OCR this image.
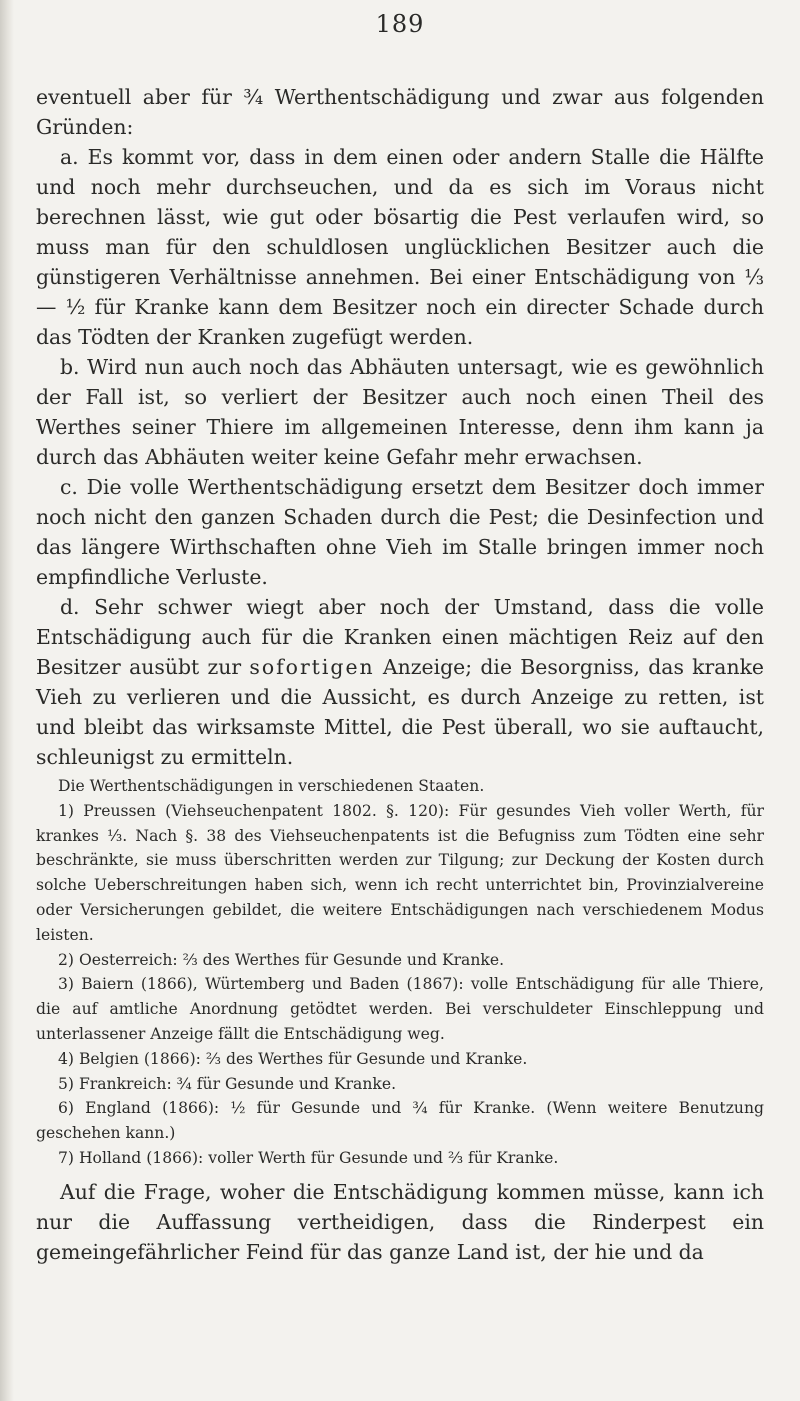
189

eventuell aber für ¾ Werthentschädigung und zwar aus folgenden Gründen:

a. Es kommt vor, dass in dem einen oder andern Stalle die Hälfte und noch mehr durchseuchen, und da es sich im Voraus nicht berechnen lässt, wie gut oder bösartig die Pest verlaufen wird, so muss man für den schuldlosen unglücklichen Besitzer auch die günstigeren Verhältnisse annehmen. Bei einer Entschädigung von ⅓ — ½ für Kranke kann dem Besitzer noch ein directer Schade durch das Tödten der Kranken zugefügt werden.

b. Wird nun auch noch das Abhäuten untersagt, wie es gewöhnlich der Fall ist, so verliert der Besitzer auch noch einen Theil des Werthes seiner Thiere im allgemeinen Interesse, denn ihm kann ja durch das Abhäuten weiter keine Gefahr mehr erwachsen.

c. Die volle Werthentschädigung ersetzt dem Besitzer doch immer noch nicht den ganzen Schaden durch die Pest; die Desinfection und das längere Wirthschaften ohne Vieh im Stalle bringen immer noch empfindliche Verluste.

d. Sehr schwer wiegt aber noch der Umstand, dass die volle Entschädigung auch für die Kranken einen mächtigen Reiz auf den Besitzer ausübt zur sofortigen Anzeige; die Besorgniss, das kranke Vieh zu verlieren und die Aussicht, es durch Anzeige zu retten, ist und bleibt das wirksamste Mittel, die Pest überall, wo sie auftaucht, schleunigst zu ermitteln.

Die Werthentschädigungen in verschiedenen Staaten.

1) Preussen (Viehseuchenpatent 1802. §. 120): Für gesundes Vieh voller Werth, für krankes ⅓. Nach §. 38 des Viehseuchenpatents ist die Befugniss zum Tödten eine sehr beschränkte, sie muss überschritten werden zur Tilgung; zur Deckung der Kosten durch solche Ueberschreitungen haben sich, wenn ich recht unterrichtet bin, Provinzialvereine oder Versicherungen gebildet, die weitere Entschädigungen nach verschiedenem Modus leisten.

2) Oesterreich: ⅔ des Werthes für Gesunde und Kranke.

3) Baiern (1866), Würtemberg und Baden (1867): volle Entschädigung für alle Thiere, die auf amtliche Anordnung getödtet werden. Bei verschuldeter Einschleppung und unterlassener Anzeige fällt die Entschädigung weg.

4) Belgien (1866): ⅔ des Werthes für Gesunde und Kranke.

5) Frankreich: ¾ für Gesunde und Kranke.

6) England (1866): ½ für Gesunde und ¾ für Kranke. (Wenn weitere Benutzung geschehen kann.)

7) Holland (1866): voller Werth für Gesunde und ⅔ für Kranke.

Auf die Frage, woher die Entschädigung kommen müsse, kann ich nur die Auffassung vertheidigen, dass die Rinderpest ein gemeingefährlicher Feind für das ganze Land ist, der hie und da
